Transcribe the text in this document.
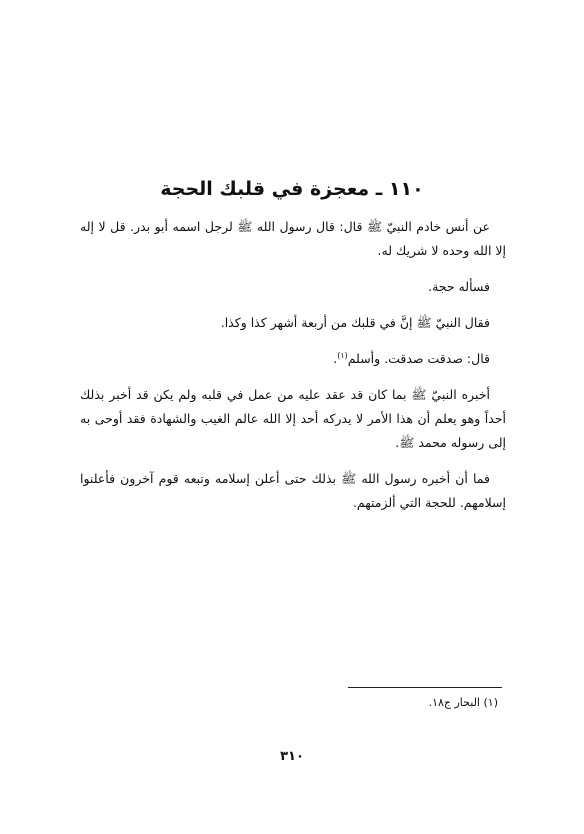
١١٠ ـ معجزة في قلبك الحجة

عن أنس خادم النبيّ ﷺ قال: قال رسول الله ﷺ لرجل اسمه أبو بدر. قل لا إله إلا الله وحده لا شريك له.

فسأله حجة.

فقال النبيّ ﷺ إنَّ في قلبك من أربعة أشهر كذا وكذا.

قال: صدقت صدقت. وأسلم$^{(١)}$.

أخبره النبيّ ﷺ بما كان قد عقد عليه من عمل في قلبه ولم يكن قد أخبر بذلك أحداً وهو يعلم أن هذا الأمر لا يدركه أحد إلا الله عالم الغيب والشهادة فقد أوحى به إلى رسوله محمد ﷺ.

فما أن أخبره رسول الله ﷺ بذلك حتى أعلن إسلامه وتبعه قوم آخرون فأعلنوا إسلامهم. للحجة التي ألزمتهم.

(١) البحار ج١٨.

٣١٠
